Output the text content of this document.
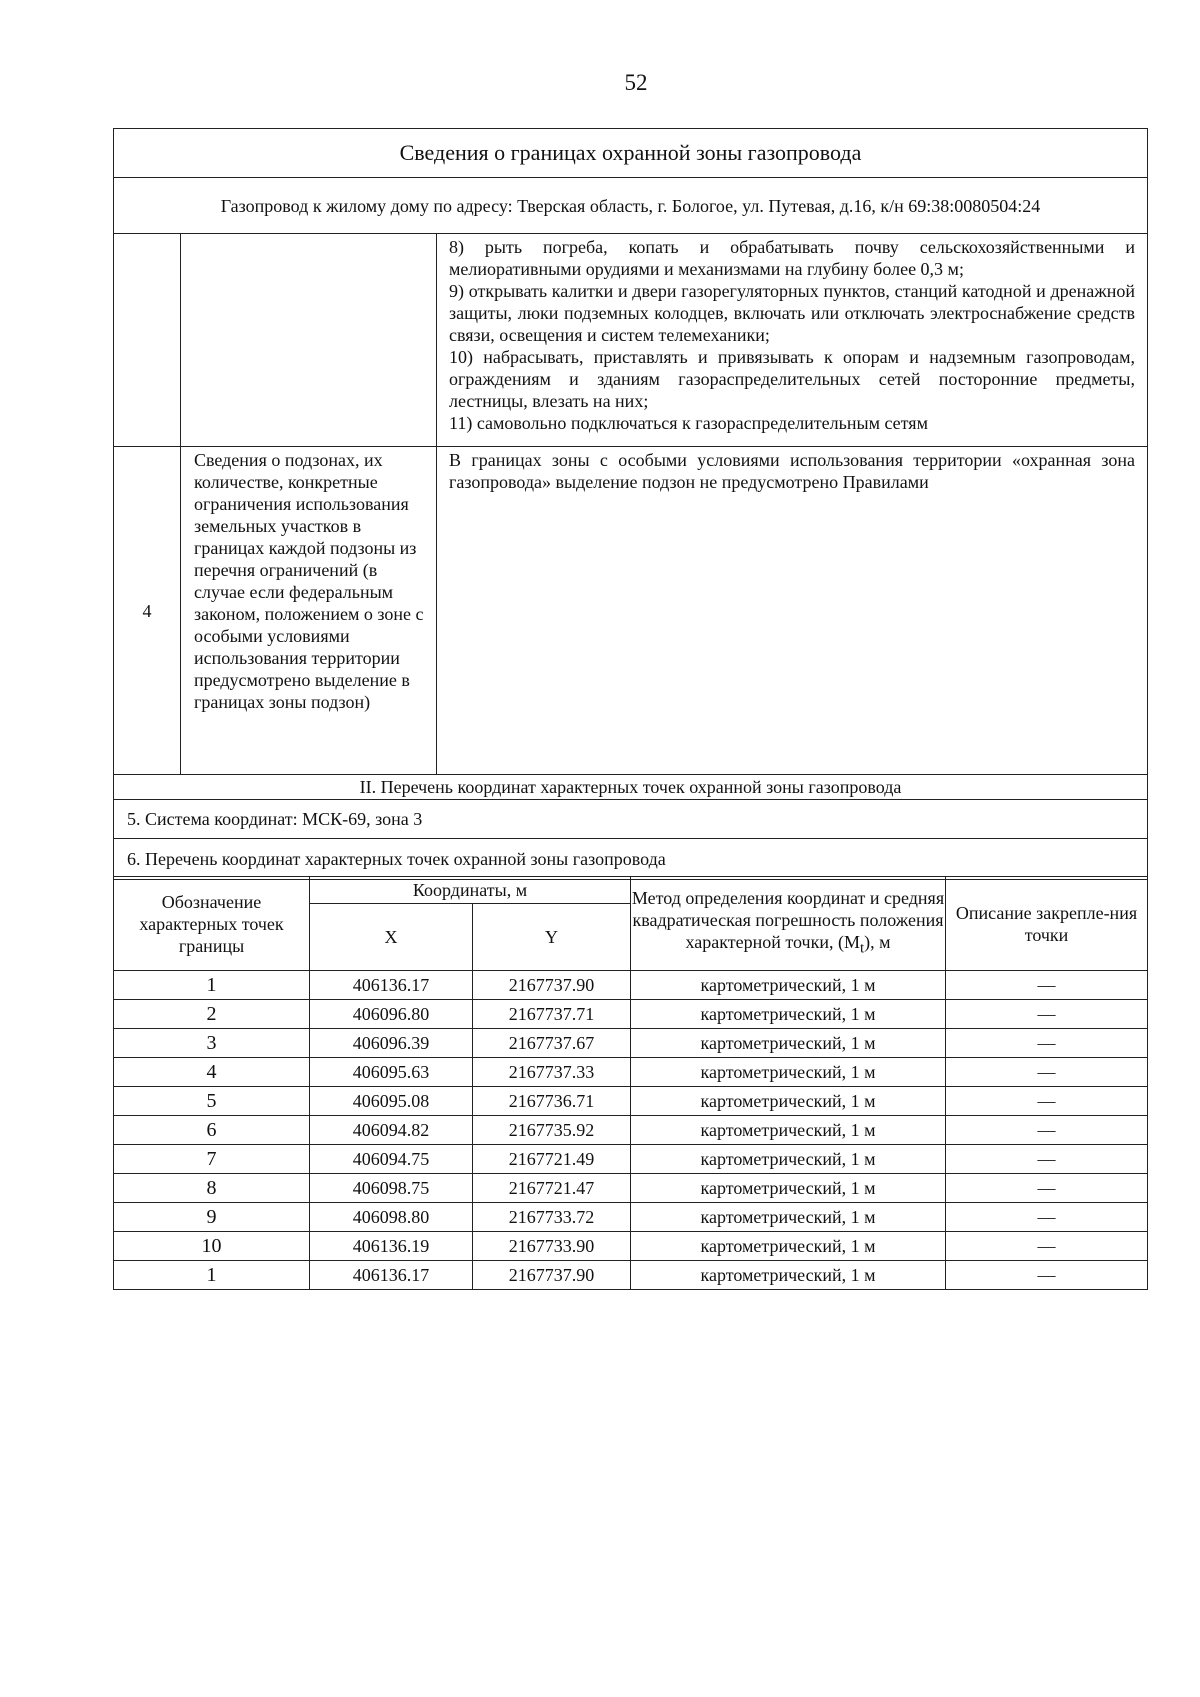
52
Сведения о границах охранной зоны газопровода		
Газопровод к жилому дому по адресу: Тверская область, г. Бологое, ул. Путевая, д.16, к/н 69:38:0080504:24		

		8) рыть погреба, копать и обрабатывать почву сельскохозяйственными и мелиоративными орудиями и механизмами на глубину более 0,3 м;
9) открывать калитки и двери газорегуляторных пунктов, станций катодной и дренажной защиты, люки подземных колодцев, включать или отключать электроснабжение средств связи, освещения и систем телемеханики;
10) набрасывать, приставлять и привязывать к опорам и надземным газопроводам, ограждениям и зданиям газораспределительных сетей посторонние предметы, лестницы, влезать на них;
11) самовольно подключаться к газораспределительным сетям

4	Сведения о подзонах, их количестве, конкретные ограничения использования земельных участков в границах каждой подзоны из перечня ограничений (в случае если федеральным законом, положением о зоне с особыми условиями использования территории предусмотрено выделение в границах зоны подзон)	В границах зоны с особыми условиями использования территории «охранная зона газопровода» выделение подзон не предусмотрено Правилами
II. Перечень координат характерных точек охранной зоны газопровода		
5. Система координат: МСК-69, зона 3		
6. Перечень координат характерных точек охранной зоны газопровода		
Обозначение характерных точек границы	Координаты, м		Метод определения координат и средняя квадратическая погрешность положения характерной точки, $(M_t)$, м	Описание закрепле-ния точки
	X	Y		
1	406136.17	2167737.90	картометрический, 1 м	—
2	406096.80	2167737.71	картометрический, 1 м	—
3	406096.39	2167737.67	картометрический, 1 м	—
4	406095.63	2167737.33	картометрический, 1 м	—
5	406095.08	2167736.71	картометрический, 1 м	—
6	406094.82	2167735.92	картометрический, 1 м	—
7	406094.75	2167721.49	картометрический, 1 м	—
8	406098.75	2167721.47	картометрический, 1 м	—
9	406098.80	2167733.72	картометрический, 1 м	—
10	406136.19	2167733.90	картометрический, 1 м	—
1	406136.17	2167737.90	картометрический, 1 м	—
